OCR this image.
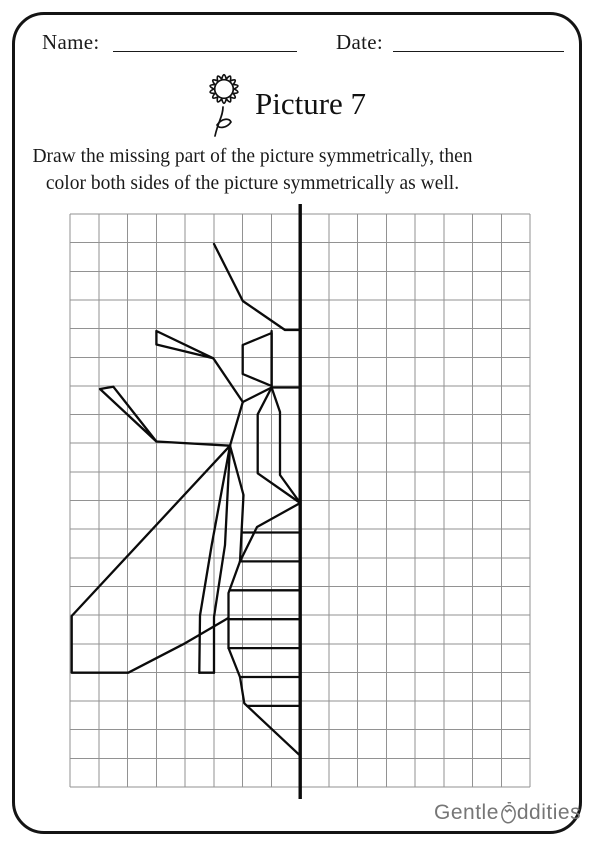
Name:	Date:
Picture 7
Draw the missing part of the picture symmetrically, then
color both sides of the picture symmetrically as well.
Gentle ddities
